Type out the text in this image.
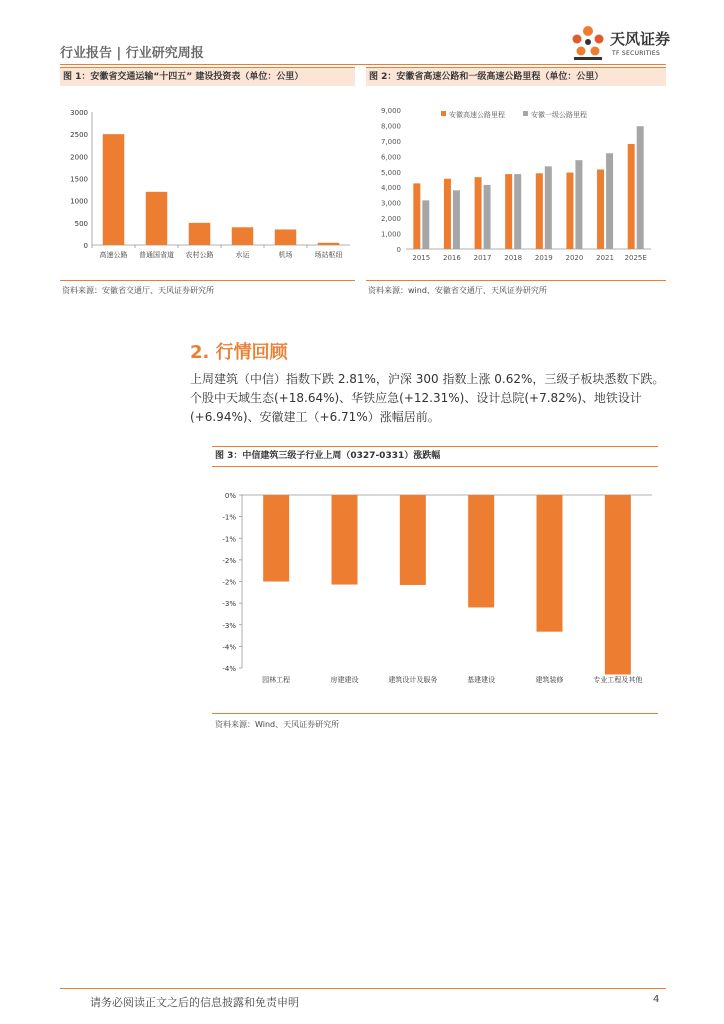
行业报告 | 行业研究周报
天风证券
TF SECURITIES
图 1：安徽省交通运输“十四五” 建设投资表（单位：公里）
0
500
1000
1500
2000
2500
3000
高速公路 普通国省道 农村公路	水运	机场	场站枢纽
资料来源：安徽省交通厅、天风证券研究所
图 2：安徽省高速公路和一级高速公路里程（单位：公里）
安徽高速公路里程	安徽一级公路里程
0
1,000
2,000
3,000
4,000
5,000
6,000
7,000
8,000
9,000
2015 2016 2017 2018 2019 2020 2021 2025E
资料来源：wind、安徽省交通厅、天风证券研究所
2. 行情回顾
上周建筑（中信）指数下跌 2.81%，沪深 300 指数上涨 0.62%，三级子板块悉数下跌。个股中天域生态(+18.64%)、华铁应急(+12.31%)、设计总院(+7.82%)、地铁设计(+6.94%)、安徽建工（+6.71%）涨幅居前。
图 3：中信建筑三级子行业上周（0327-0331）涨跌幅
0%
-1%
-1%
-2%
-2%
-3%
-3%
-4%
-4%
园林工程	房建建设	建筑设计及服务	基建建设	建筑装修	专业工程及其他
资料来源：Wind、天风证券研究所
请务必阅读正文之后的信息披露和免责申明	4
